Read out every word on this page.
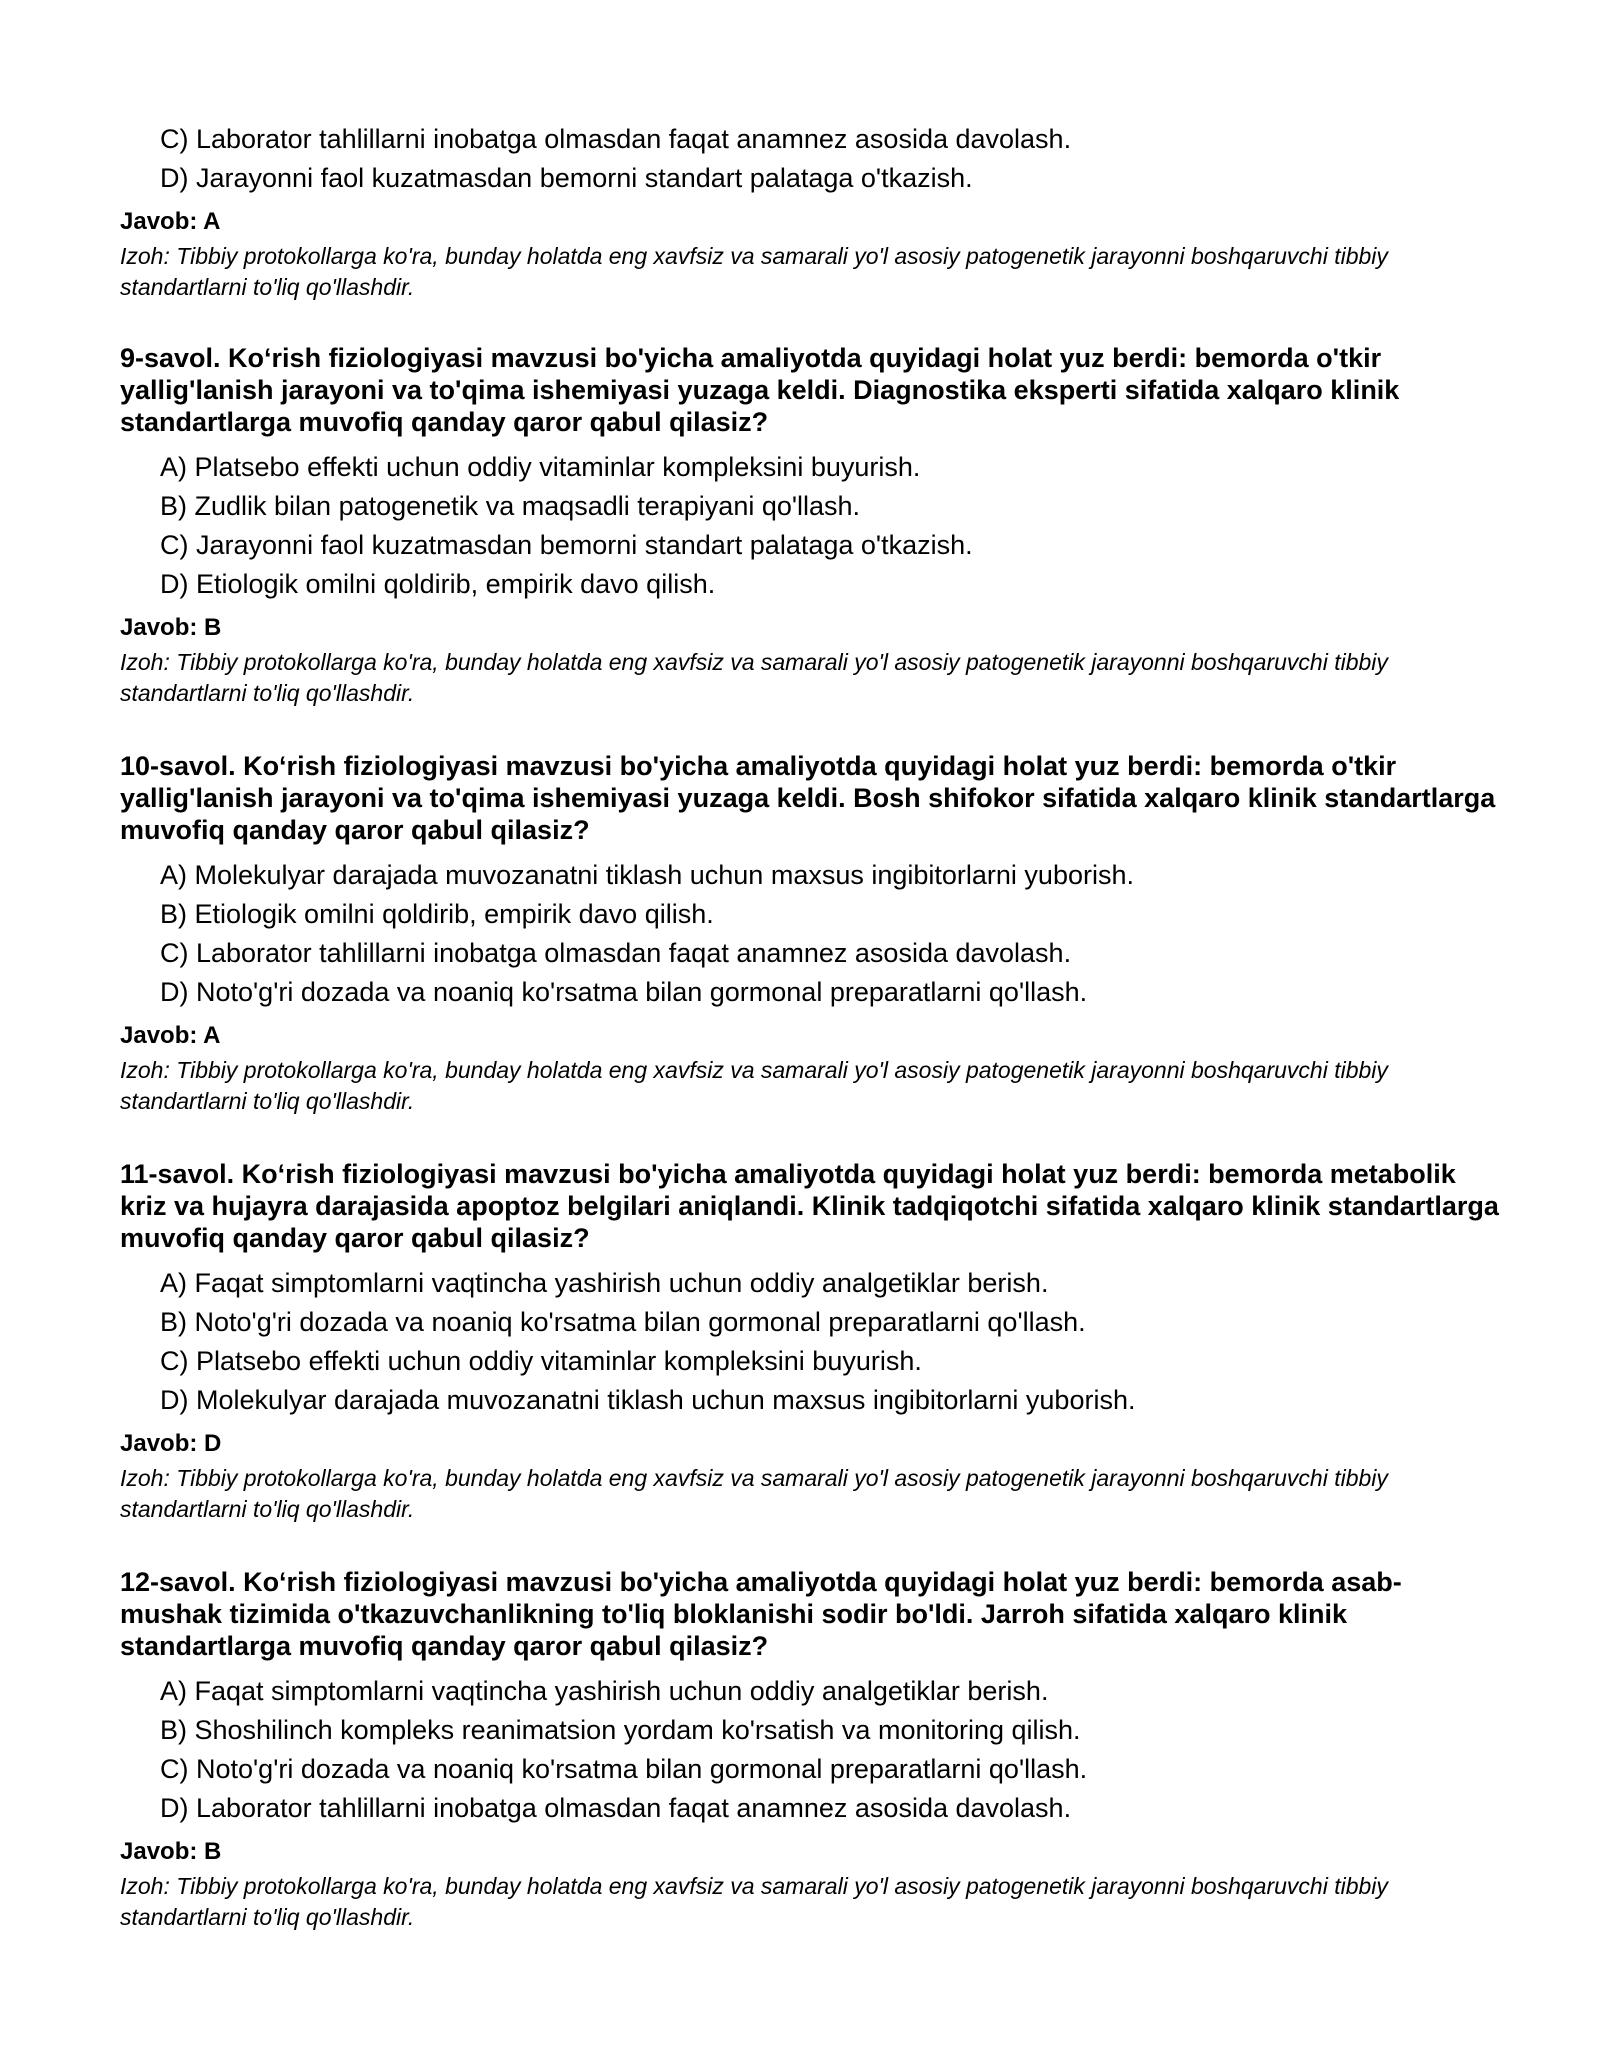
C) Laborator tahlillarni inobatga olmasdan faqat anamnez asosida davolash.
D) Jarayonni faol kuzatmasdan bemorni standart palataga o'tkazish.
Javob: A
Izoh: Tibbiy protokollarga ko'ra, bunday holatda eng xavfsiz va samarali yo'l asosiy patogenetik jarayonni boshqaruvchi tibbiy standartlarni to'liq qo'llashdir.
9-savol. Ko‘rish fiziologiyasi mavzusi bo'yicha amaliyotda quyidagi holat yuz berdi: bemorda o'tkir yallig'lanish jarayoni va to'qima ishemiyasi yuzaga keldi. Diagnostika eksperti sifatida xalqaro klinik standartlarga muvofiq qanday qaror qabul qilasiz?
A) Platsebo effekti uchun oddiy vitaminlar kompleksini buyurish.
B) Zudlik bilan patogenetik va maqsadli terapiyani qo'llash.
C) Jarayonni faol kuzatmasdan bemorni standart palataga o'tkazish.
D) Etiologik omilni qoldirib, empirik davo qilish.
Javob: B
Izoh: Tibbiy protokollarga ko'ra, bunday holatda eng xavfsiz va samarali yo'l asosiy patogenetik jarayonni boshqaruvchi tibbiy standartlarni to'liq qo'llashdir.
10-savol. Ko‘rish fiziologiyasi mavzusi bo'yicha amaliyotda quyidagi holat yuz berdi: bemorda o'tkir yallig'lanish jarayoni va to'qima ishemiyasi yuzaga keldi. Bosh shifokor sifatida xalqaro klinik standartlarga muvofiq qanday qaror qabul qilasiz?
A) Molekulyar darajada muvozanatni tiklash uchun maxsus ingibitorlarni yuborish.
B) Etiologik omilni qoldirib, empirik davo qilish.
C) Laborator tahlillarni inobatga olmasdan faqat anamnez asosida davolash.
D) Noto'g'ri dozada va noaniq ko'rsatma bilan gormonal preparatlarni qo'llash.
Javob: A
Izoh: Tibbiy protokollarga ko'ra, bunday holatda eng xavfsiz va samarali yo'l asosiy patogenetik jarayonni boshqaruvchi tibbiy standartlarni to'liq qo'llashdir.
11-savol. Ko‘rish fiziologiyasi mavzusi bo'yicha amaliyotda quyidagi holat yuz berdi: bemorda metabolik kriz va hujayra darajasida apoptoz belgilari aniqlandi. Klinik tadqiqotchi sifatida xalqaro klinik standartlarga muvofiq qanday qaror qabul qilasiz?
A) Faqat simptomlarni vaqtincha yashirish uchun oddiy analgetiklar berish.
B) Noto'g'ri dozada va noaniq ko'rsatma bilan gormonal preparatlarni qo'llash.
C) Platsebo effekti uchun oddiy vitaminlar kompleksini buyurish.
D) Molekulyar darajada muvozanatni tiklash uchun maxsus ingibitorlarni yuborish.
Javob: D
Izoh: Tibbiy protokollarga ko'ra, bunday holatda eng xavfsiz va samarali yo'l asosiy patogenetik jarayonni boshqaruvchi tibbiy standartlarni to'liq qo'llashdir.
12-savol. Ko‘rish fiziologiyasi mavzusi bo'yicha amaliyotda quyidagi holat yuz berdi: bemorda asab-mushak tizimida o'tkazuvchanlikning to'liq bloklanishi sodir bo'ldi. Jarroh sifatida xalqaro klinik standartlarga muvofiq qanday qaror qabul qilasiz?
A) Faqat simptomlarni vaqtincha yashirish uchun oddiy analgetiklar berish.
B) Shoshilinch kompleks reanimatsion yordam ko'rsatish va monitoring qilish.
C) Noto'g'ri dozada va noaniq ko'rsatma bilan gormonal preparatlarni qo'llash.
D) Laborator tahlillarni inobatga olmasdan faqat anamnez asosida davolash.
Javob: B
Izoh: Tibbiy protokollarga ko'ra, bunday holatda eng xavfsiz va samarali yo'l asosiy patogenetik jarayonni boshqaruvchi tibbiy standartlarni to'liq qo'llashdir.
